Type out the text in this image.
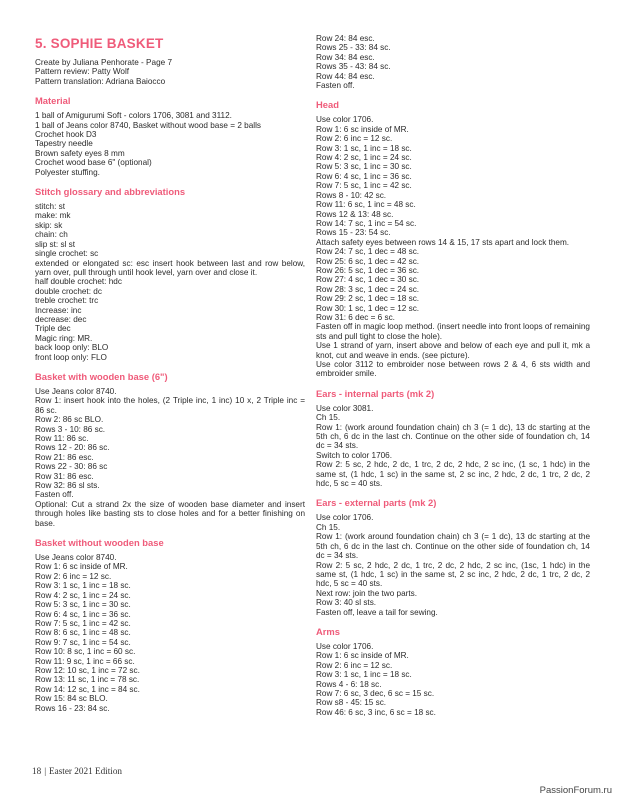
5. SOPHIE BASKET
Create by Juliana Penhorate - Page 7
Pattern review: Patty Wolf
Pattern translation: Adriana Baiocco
Material
1 ball of Amigurumi Soft - colors 1706, 3081 and 3112.
1 ball of Jeans color 8740, Basket without wood base = 2 balls
Crochet hook D3
Tapestry needle
Brown safety eyes 8 mm
Crochet wood base 6" (optional)
Polyester stuffing.
Stitch glossary and abbreviations
stitch: st
make: mk
skip: sk
chain: ch
slip st: sl st
single crochet: sc
extended or elongated sc: esc insert hook between last and row below, yarn over, pull through until hook level, yarn over and close it.
half double crochet: hdc
double crochet: dc
treble crochet: trc
Increase: inc
decrease: dec
Triple dec
Magic ring: MR.
back loop only: BLO
front loop only: FLO
Basket with wooden base (6")
Use Jeans color 8740.
Row 1: insert hook into the holes, (2 Triple inc, 1 inc) 10 x, 2 Triple inc = 86 sc.
Row 2: 86 sc BLO.
Rows 3 - 10: 86 sc.
Row 11: 86 sc.
Rows 12 - 20: 86 sc.
Row 21: 86 esc.
Rows 22 - 30: 86 sc
Row 31: 86 esc.
Row 32: 86 sl sts.
Fasten off.
Optional: Cut a strand 2x the size of wooden base diameter and insert through holes like basting sts to close holes and for a better finishing on base.
Basket without wooden base
Use Jeans color 8740.
Row 1: 6 sc inside of MR.
Row 2: 6 inc = 12 sc.
Row 3: 1 sc, 1 inc = 18 sc.
Row 4: 2 sc, 1 inc = 24 sc.
Row 5: 3 sc, 1 inc = 30 sc.
Row 6: 4 sc, 1 inc = 36 sc.
Row 7: 5 sc, 1 inc = 42 sc.
Row 8: 6 sc, 1 inc = 48 sc.
Row 9: 7 sc, 1 inc = 54 sc.
Row 10: 8 sc, 1 inc = 60 sc.
Row 11: 9 sc, 1 inc = 66 sc.
Row 12: 10 sc, 1 inc = 72 sc.
Row 13: 11 sc, 1 inc = 78 sc.
Row 14: 12 sc, 1 inc = 84 sc.
Row 15: 84 sc BLO.
Rows 16 - 23: 84 sc.
Row 24: 84 esc.
Rows 25 - 33: 84 sc.
Row 34: 84 esc.
Rows 35 - 43: 84 sc.
Row 44: 84 esc.
Fasten off.
Head
Use color 1706.
Row 1: 6 sc inside of MR.
Row 2: 6 inc = 12 sc.
Row 3: 1 sc, 1 inc = 18 sc.
Row 4: 2 sc, 1 inc = 24 sc.
Row 5: 3 sc, 1 inc = 30 sc.
Row 6: 4 sc, 1 inc = 36 sc.
Row 7: 5 sc, 1 inc = 42 sc.
Rows 8 - 10: 42 sc.
Row 11: 6 sc, 1 inc = 48 sc.
Rows 12 & 13: 48 sc.
Row 14: 7 sc, 1 inc = 54 sc.
Rows 15 - 23: 54 sc.
Attach safety eyes between rows 14 & 15, 17 sts apart and lock them.
Row 24: 7 sc, 1 dec = 48 sc.
Row 25: 6 sc, 1 dec = 42 sc.
Row 26: 5 sc, 1 dec = 36 sc.
Row 27: 4 sc, 1 dec = 30 sc.
Row 28: 3 sc, 1 dec = 24 sc.
Row 29: 2 sc, 1 dec = 18 sc.
Row 30: 1 sc, 1 dec = 12 sc.
Row 31: 6 dec = 6 sc.
Fasten off in magic loop method. (insert needle into front loops of remaining sts and pull tight to close the hole).
Use 1 strand of yarn, insert above and below of each eye and pull it, mk a knot, cut and weave in ends. (see picture).
Use color 3112 to embroider nose between rows 2 & 4, 6 sts width and embroider smile.
Ears - internal parts (mk 2)
Use color 3081.
Ch 15.
Row 1: (work around foundation chain) ch 3 (= 1 dc), 13 dc starting at the 5th ch, 6 dc in the last ch. Continue on the other side of foundation ch, 14 dc = 34 sts.
Switch to color 1706.
Row 2: 5 sc, 2 hdc, 2 dc, 1 trc, 2 dc, 2 hdc, 2 sc inc, (1 sc, 1 hdc) in the same st, (1 hdc, 1 sc) in the same st, 2 sc inc, 2 hdc, 2 dc, 1 trc, 2 dc, 2 hdc, 5 sc = 40 sts.
Ears - external parts (mk 2)
Use color 1706.
Ch 15.
Row 1: (work around foundation chain) ch 3 (= 1 dc), 13 dc starting at the 5th ch, 6 dc in the last ch. Continue on the other side of foundation ch, 14 dc = 34 sts.
Row 2: 5 sc, 2 hdc, 2 dc, 1 trc, 2 dc, 2 hdc, 2 sc inc, (1sc, 1 hdc) in the same st, (1 hdc, 1 sc) in the same st, 2 sc inc, 2 hdc, 2 dc, 1 trc, 2 dc, 2 hdc, 5 sc = 40 sts.
Next row: join the two parts.
Row 3: 40 sl sts.
Fasten off, leave a tail for sewing.
Arms
Use color 1706.
Row 1: 6 sc inside of MR.
Row 2: 6 inc = 12 sc.
Row 3: 1 sc, 1 inc = 18 sc.
Rows 4 - 6: 18 sc.
Row 7: 6 sc, 3 dec, 6 sc = 15 sc.
Row s8 - 45: 15 sc.
Row 46: 6 sc, 3 inc, 6 sc = 18 sc.
18 | Easter 2021 Edition
PassionForum.ru
